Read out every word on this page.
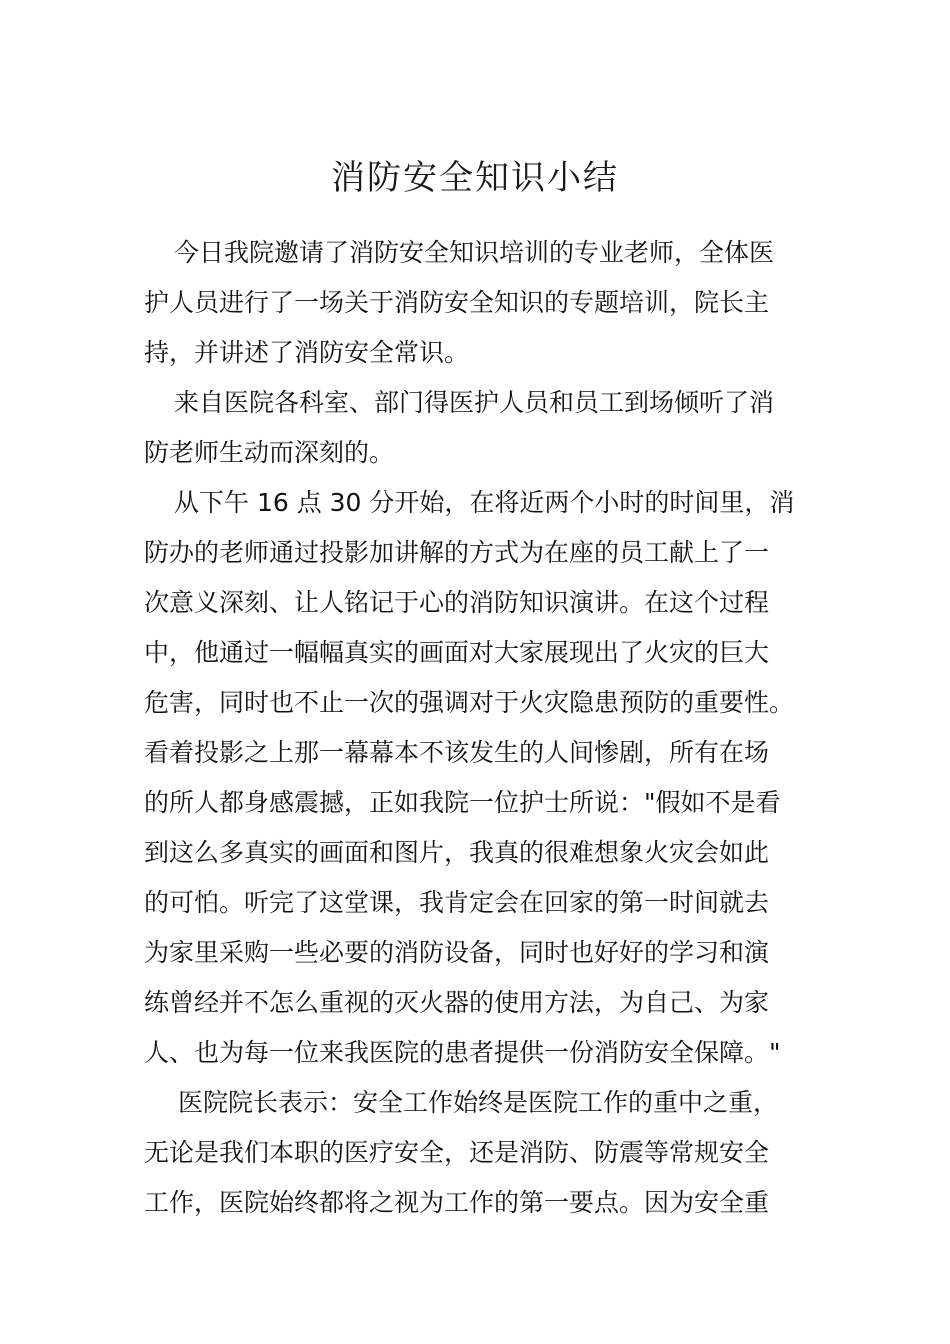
消防安全知识小结
今日我院邀请了消防安全知识培训的专业老师，全体医
护人员进行了一场关于消防安全知识的专题培训，院长主
持，并讲述了消防安全常识。
来自医院各科室、部门得医护人员和员工到场倾听了消
防老师生动而深刻的。
从下午 16 点 30 分开始，在将近两个小时的时间里，消
防办的老师通过投影加讲解的方式为在座的员工献上了一
次意义深刻、让人铭记于心的消防知识演讲。在这个过程
中，他通过一幅幅真实的画面对大家展现出了火灾的巨大
危害，同时也不止一次的强调对于火灾隐患预防的重要性。
看着投影之上那一幕幕本不该发生的人间惨剧，所有在场
的所人都身感震撼，正如我院一位护士所说："假如不是看
到这么多真实的画面和图片，我真的很难想象火灾会如此
的可怕。听完了这堂课，我肯定会在回家的第一时间就去
为家里采购一些必要的消防设备，同时也好好的学习和演
练曾经并不怎么重视的灭火器的使用方法，为自己、为家
人、也为每一位来我医院的患者提供一份消防安全保障。"
医院院长表示：安全工作始终是医院工作的重中之重，
无论是我们本职的医疗安全，还是消防、防震等常规安全
工作，医院始终都将之视为工作的第一要点。因为安全重
